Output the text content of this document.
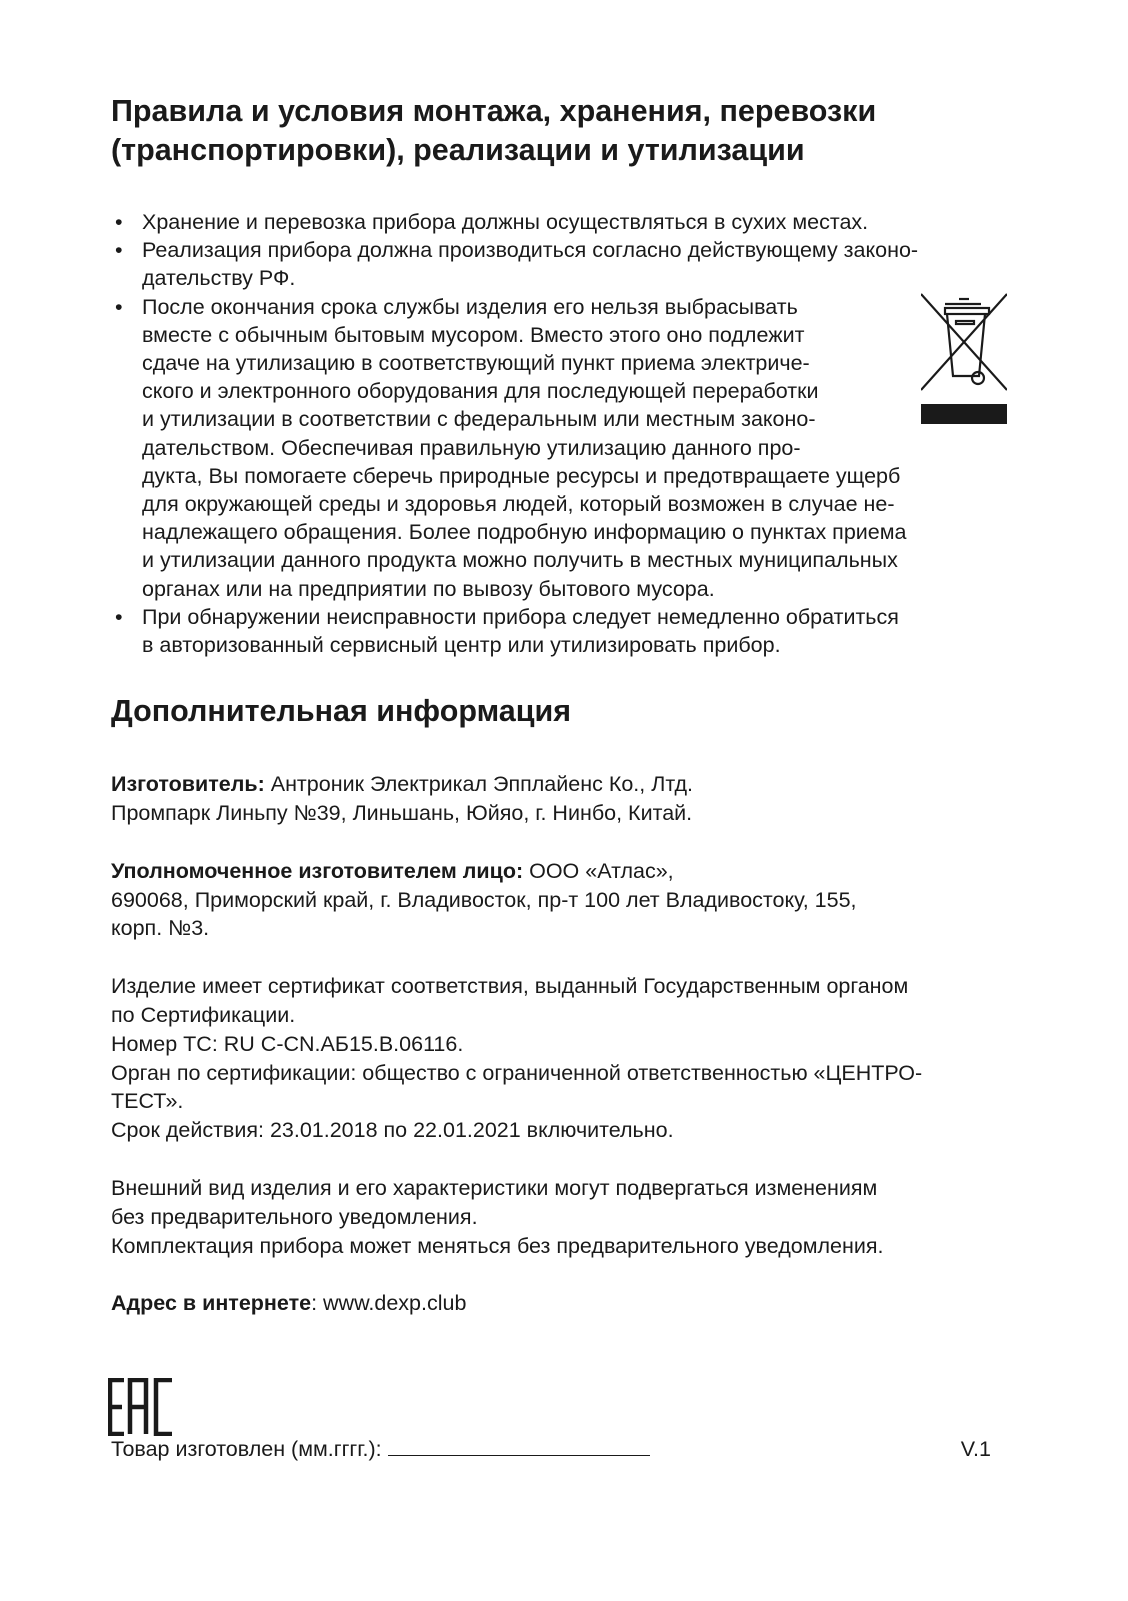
Правила и условия монтажа, хранения, перевозки
(транспортировки), реализации и утилизации
• Хранение и перевозка прибора должны осуществляться в сухих местах.
• Реализация прибора должна производиться согласно действующему законо-
дательству РФ.
• После окончания срока службы изделия его нельзя выбрасывать
вместе с обычным бытовым мусором. Вместо этого оно подлежит
сдаче на утилизацию в соответствующий пункт приема электриче-
ского и электронного оборудования для последующей переработки
и утилизации в соответствии с федеральным или местным законо-
дательством. Обеспечивая правильную утилизацию данного про-
дукта, Вы помогаете сберечь природные ресурсы и предотвращаете ущерб
для окружающей среды и здоровья людей, который возможен в случае не-
надлежащего обращения. Более подробную информацию о пунктах приема
и утилизации данного продукта можно получить в местных муниципальных
органах или на предприятии по вывозу бытового мусора.
• При обнаружении неисправности прибора следует немедленно обратиться
в авторизованный сервисный центр или утилизировать прибор.
Дополнительная информация

Изготовитель: Антроник Электрикал Эпплайенс Ко., Лтд.
Промпарк Линьпу №39, Линьшань, Юйяо, г. Нинбо, Китай.

Уполномоченное изготовителем лицо: ООО «Атлас»,
690068, Приморский край, г. Владивосток, пр-т 100 лет Владивостоку, 155,
корп. №3.

Изделие имеет сертификат соответствия, выданный Государственным органом
по Сертификации.
Номер ТС: RU C-CN.АБ15.В.06116.
Орган по сертификации: общество с ограниченной ответственностью «ЦЕНТРО-
ТЕСТ».
Срок действия: 23.01.2018 по 22.01.2021 включительно.

Внешний вид изделия и его характеристики могут подвергаться изменениям
без предварительного уведомления.
Комплектация прибора может меняться без предварительного уведомления.

Адрес в интернете: www.dexp.club

Товар изготовлен (мм.гггг.):	V.1
